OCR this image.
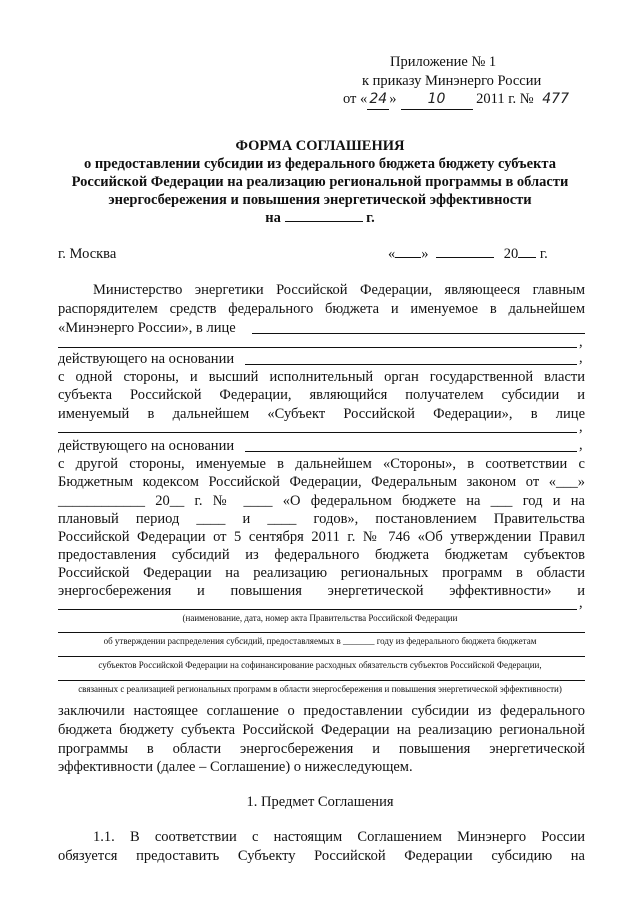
Приложение № 1
к приказу Минэнерго России
от « 24 » 10 2011 г. № 477
ФОРМА СОГЛАШЕНИЯ
о предоставлении субсидии из федерального бюджета бюджету субъекта
Российской Федерации на реализацию региональной программы в области
энергосбережения и повышения энергетической эффективности
на	г.
г. Москва	« »	20 г.
Министерство энергетики Российской Федерации, являющееся главным
распорядителем средств федерального бюджета и именуемое в дальнейшем
«Минэнерго России», в лице
,
действующего на основании	,
с одной стороны, и высший исполнительный орган государственной власти
субъекта Российской Федерации, являющийся получателем субсидии и
именуемый в дальнейшем «Субъект Российской Федерации», в лице
,
действующего на основании	,
с другой стороны, именуемые в дальнейшем «Стороны», в соответствии с
Бюджетным кодексом Российской Федерации, Федеральным законом от «___»
____________ 20__ г. № ____ «О федеральном бюджете на ___ год и на
плановый период ____ и ____ годов», постановлением Правительства
Российской Федерации от 5 сентября 2011 г. № 746 «Об утверждении Правил
предоставления субсидий из федерального бюджета бюджетам субъектов
Российской Федерации на реализацию региональных программ в области
энергосбережения и повышения энергетической эффективности» и
,
(наименование, дата, номер акта Правительства Российской Федерации
об утверждении распределения субсидий, предоставляемых в _______ году из федерального бюджета бюджетам
субъектов Российской Федерации на софинансирование расходных обязательств субъектов Российской Федерации,
связанных с реализацией региональных программ в области энергосбережения и повышения энергетической эффективности)
заключили настоящее соглашение о предоставлении субсидии из федерального
бюджета бюджету субъекта Российской Федерации на реализацию региональной
программы в области энергосбережения и повышения энергетической
эффективности (далее – Соглашение) о нижеследующем.
1. Предмет Соглашения
1.1. В соответствии с настоящим Соглашением Минэнерго России
обязуется предоставить Субъекту Российской Федерации субсидию на
